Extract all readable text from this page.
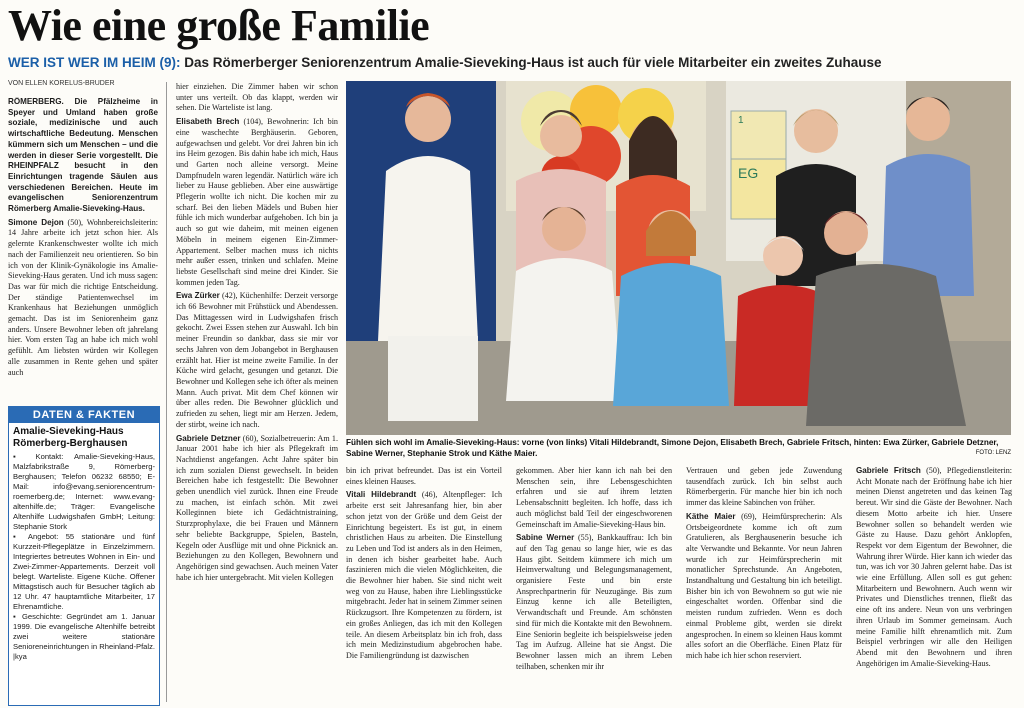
Wie eine große Familie
WER IST WER IM HEIM (9): Das Römerberger Seniorenzentrum Amalie-Sieveking-Haus ist auch für viele Mitarbeiter ein zweites Zuhause
VON ELLEN KORELUS-BRUDER

RÖMERBERG. Die Pfälzheime in Speyer und Umland haben große soziale, medizinische und auch wirtschaftliche Bedeutung. Menschen kümmern sich um Menschen – und die werden in dieser Serie vorgestellt. Die RHEINPFALZ besucht in den Einrichtungen tragende Säulen aus verschiedenen Bereichen. Heute im evangelischen Seniorenzentrum Römerberg Amalie-Sieveking-Haus.

Simone Dejon (50), Wohnbereichsleiterin: 14 Jahre arbeite ich jetzt schon hier. Als gelernte Krankenschwester wollte ich mich nach der Familienzeit neu orientieren. So bin ich von der Klinik-Gynäkologie ins Amalie-Sieveking-Haus geraten. Und ich muss sagen: Das war für mich die richtige Entscheidung. Der ständige Patientenwechsel im Krankenhaus hat Beziehungen unmöglich gemacht. Das ist im Seniorenheim ganz anders. Unsere Bewohner leben oft jahrelang hier. Vom ersten Tag an habe ich mich wohl gefühlt. Am liebsten würden wir Kollegen alle zusammen in Rente gehen und später auch

DATEN & FAKTEN
Amalie-Sieveking-Haus Römerberg-Berghausen
▪ Kontakt: Amalie-Sieveking-Haus, Malzfabrikstraße 9, Römerberg-Berghausen; Telefon 06232 68550; E-Mail: info@evang.seniorencentrum-roemerberg.de; Internet: www.evang-altenhilfe.de; Träger: Evangelische Altenhilfe Ludwigshafen GmbH; Leitung: Stephanie Stork
▪ Angebot: 55 stationäre und fünf Kurzzeit-Pflegeplätze in Einzelzimmern. Integriertes betreutes Wohnen in Ein- und Zwei-Zimmer-Appartements. Derzeit voll belegt. Warteliste. Eigene Küche. Offener Mittagstisch auch für Besucher täglich ab 12 Uhr. 47 hauptamtliche Mitarbeiter, 17 Ehrenamtliche.
▪ Geschichte: Gegründet am 1. Januar 1999. Die evangelische Altenhilfe betreibt zwei weitere stationäre Senioreneinrichtungen in Rheinland-Pfalz. |kya

hier einziehen. Die Zimmer haben wir schon unter uns verteilt. Ob das klappt, werden wir sehen. Die Warteliste ist lang.

Elisabeth Brech (104), Bewohnerin: Ich bin eine waschechte Berghäuserin. Geboren, aufgewachsen und gelebt. Vor drei Jahren bin ich ins Heim gezogen. Bis dahin habe ich mich, Haus und Garten noch alleine versorgt. Meine Dampfnudeln waren legendär. Natürlich wäre ich lieber zu Hause geblieben. Aber eine auswärtige Pflegerin wollte ich nicht. Die kochen mir zu scharf. Bei den lieben Mädels und Buben hier fühle ich mich wunderbar aufgehoben. Ich bin ja auch so gut wie daheim, mit meinen eigenen Möbeln in meinem eigenen Ein-Zimmer-Appartement. Selber machen muss ich nichts mehr außer essen, trinken und schlafen. Meine liebste Gesellschaft sind meine drei Kinder. Sie kommen jeden Tag.

Ewa Zürker (42), Küchenhilfe: Derzeit versorge ich 66 Bewohner mit Frühstück und Abendessen. Das Mittagessen wird in Ludwigshafen frisch gekocht. Zwei Essen stehen zur Auswahl. Ich bin meiner Freundin so dankbar, dass sie mir vor sechs Jahren von dem Jobangebot in Berghausen erzählt hat. Hier ist meine zweite Familie. In der Küche wird gelacht, gesungen und getanzt. Die Bewohner und Kollegen sehe ich öfter als meinen Mann. Auch privat. Mit dem Chef können wir über alles reden. Die Bewohner glücklich und zufrieden zu sehen, liegt mir am Herzen. Jedem, der stirbt, weine ich nach.

Gabriele Detzner (60), Sozialbetreuerin: Am 1. Januar 2001 habe ich hier als Pflegekraft im Nachtdienst angefangen. Acht Jahre später bin ich zum sozialen Dienst gewechselt. In beiden Bereichen habe ich festgestellt: Die Bewohner geben unendlich viel zurück. Ihnen eine Freude zu machen, ist einfach schön. Mit zwei Kolleginnen biete ich Gedächtnistraining, Sturzprophylaxe, die bei Frauen und Männern sehr beliebte Backgruppe, Spielen, Basteln, Kegeln oder Ausflüge mit und ohne Picknick an. Beziehungen zu den Kollegen, Bewohnern und Angehörigen sind gewachsen. Auch meinen Vater habe ich hier untergebracht. Mit vielen Kollegen

EG
1
Fühlen sich wohl im Amalie-Sieveking-Haus: vorne (von links) Vitali Hildebrandt, Simone Dejon, Elisabeth Brech, Gabriele Fritsch, hinten: Ewa Zürker, Gabriele Detzner, Sabine Werner, Stephanie Strok und Käthe Maier.	FOTO: LENZ

bin ich privat befreundet. Das ist ein Vorteil eines kleinen Hauses.

Vitali Hildebrandt (46), Altenpfleger: Ich arbeite erst seit Jahresanfang hier, bin aber schon jetzt von der Größe und dem Geist der Einrichtung begeistert. Es ist gut, in einem christlichen Haus zu arbeiten. Die Einstellung zu Leben und Tod ist anders als in den Heimen, in denen ich bisher gearbeitet habe. Auch faszinieren mich die vielen Möglichkeiten, die die Bewohner hier haben. Sie sind nicht weit weg von zu Hause, haben ihre Lieblingsstücke mitgebracht. Jeder hat in seinem Zimmer seinen Rückzugsort. Ihre Kompetenzen zu fördern, ist ein großes Anliegen, das ich mit den Kollegen teile. An diesem Arbeitsplatz bin ich froh, dass ich mein Medizinstudium abgebrochen habe. Die Familiengründung ist dazwischen

gekommen. Aber hier kann ich nah bei den Menschen sein, ihre Lebensgeschichten erfahren und sie auf ihrem letzten Lebensabschnitt begleiten. Ich hoffe, dass ich auch möglichst bald Teil der eingeschworenen Gemeinschaft im Amalie-Sieveking-Haus bin.

Sabine Werner (55), Bankkauffrau: Ich bin auf den Tag genau so lange hier, wie es das Haus gibt. Seitdem kümmere ich mich um Heimverwaltung und Belegungsmanagement, organisiere Feste und bin erste Ansprechpartnerin für Neuzugänge. Bis zum Einzug kenne ich alle Beteiligten, Verwandtschaft und Freunde. Am schönsten sind für mich die Kontakte mit den Bewohnern. Eine Seniorin begleite ich beispielsweise jeden Tag im Aufzug. Alleine hat sie Angst. Die Bewohner lassen mich an ihrem Leben teilhaben, schenken mir ihr

Vertrauen und geben jede Zuwendung tausendfach zurück. Ich bin selbst auch Römerbergerin. Für manche hier bin ich noch immer das kleine Sabinchen von früher.

Käthe Maier (69), Heimfürsprecherin: Als Ortsbeigeordnete komme ich oft zum Gratulieren, als Berghausenerin besuche ich alte Verwandte und Bekannte. Vor neun Jahren wurde ich zur Heimfürsprecherin mit monatlicher Sprechstunde. An Angeboten, Instandhaltung und Gestaltung bin ich beteiligt. Bisher bin ich von Bewohnern so gut wie nie eingeschaltet worden. Offenbar sind die meisten rundum zufrieden. Wenn es doch einmal Probleme gibt, werden sie direkt angesprochen. In einem so kleinen Haus kommt alles sofort an die Oberfläche. Einen Platz für mich habe ich hier schon reserviert.

Gabriele Fritsch (50), Pflegedienstleiterin: Acht Monate nach der Eröffnung habe ich hier meinen Dienst angetreten und das keinen Tag bereut. Wir sind die Gäste der Bewohner. Nach diesem Motto arbeite ich hier. Unsere Bewohner sollen so behandelt werden wie Gäste zu Hause. Dazu gehört Anklopfen, Respekt vor dem Eigentum der Bewohner, die Wahrung ihrer Würde. Hier kann ich wieder das tun, was ich vor 30 Jahren gelernt habe. Das ist wie eine Erfüllung. Allen soll es gut gehen: Mitarbeitern und Bewohnern. Auch wenn wir Privates und Dienstliches trennen, fließt das eine oft ins andere. Neun von uns verbringen ihren Urlaub im Sommer gemeinsam. Auch meine Familie hilft ehrenamtlich mit. Zum Beispiel verbringen wir alle den Heiligen Abend mit den Bewohnern und ihren Angehörigen im Amalie-Sieveking-Haus.
